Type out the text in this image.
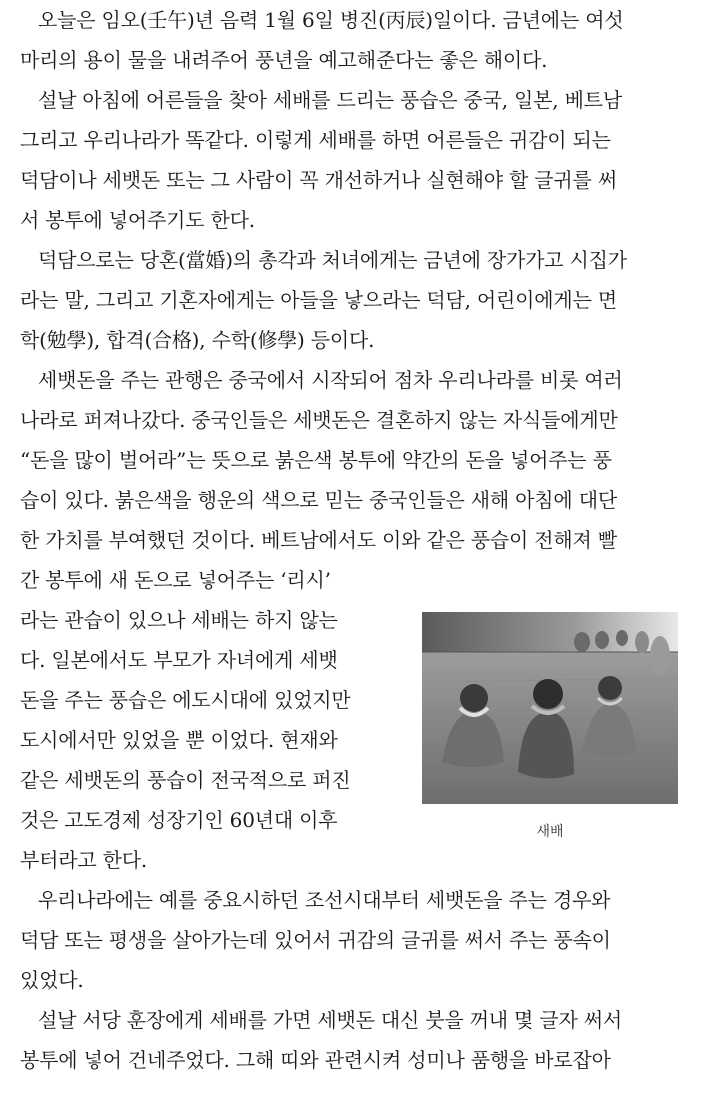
오늘은 임오(壬午)년 음력 1월 6일 병진(丙辰)일이다. 금년에는 여섯
마리의 용이 물을 내려주어 풍년을 예고해준다는 좋은 해이다.
설날 아침에 어른들을 찾아 세배를 드리는 풍습은 중국, 일본, 베트남
그리고 우리나라가 똑같다. 이렇게 세배를 하면 어른들은 귀감이 되는
덕담이나 세뱃돈 또는 그 사람이 꼭 개선하거나 실현해야 할 글귀를 써
서 봉투에 넣어주기도 한다.
덕담으로는 당혼(當婚)의 총각과 처녀에게는 금년에 장가가고 시집가
라는 말, 그리고 기혼자에게는 아들을 낳으라는 덕담, 어린이에게는 면
학(勉學), 합격(合格), 수학(修學) 등이다.
세뱃돈을 주는 관행은 중국에서 시작되어 점차 우리나라를 비롯 여러
나라로 퍼져나갔다. 중국인들은 세뱃돈은 결혼하지 않는 자식들에게만
“돈을 많이 벌어라”는 뜻으로 붉은색 봉투에 약간의 돈을 넣어주는 풍
습이 있다. 붉은색을 행운의 색으로 믿는 중국인들은 새해 아침에 대단
한 가치를 부여했던 것이다. 베트남에서도 이와 같은 풍습이 전해져 빨
간 봉투에 새 돈으로 넣어주는 ‘리시’
라는 관습이 있으나 세배는 하지 않는
다. 일본에서도 부모가 자녀에게 세뱃
돈을 주는 풍습은 에도시대에 있었지만
도시에서만 있었을 뿐 이었다. 현재와
같은 세뱃돈의 풍습이 전국적으로 퍼진
것은 고도경제 성장기인 60년대 이후
부터라고 한다.
우리나라에는 예를 중요시하던 조선시대부터 세뱃돈을 주는 경우와
덕담 또는 평생을 살아가는데 있어서 귀감의 글귀를 써서 주는 풍속이
있었다.
설날 서당 훈장에게 세배를 가면 세뱃돈 대신 붓을 꺼내 몇 글자 써서
봉투에 넣어 건네주었다. 그해 띠와 관련시켜 성미나 품행을 바로잡아
새배
